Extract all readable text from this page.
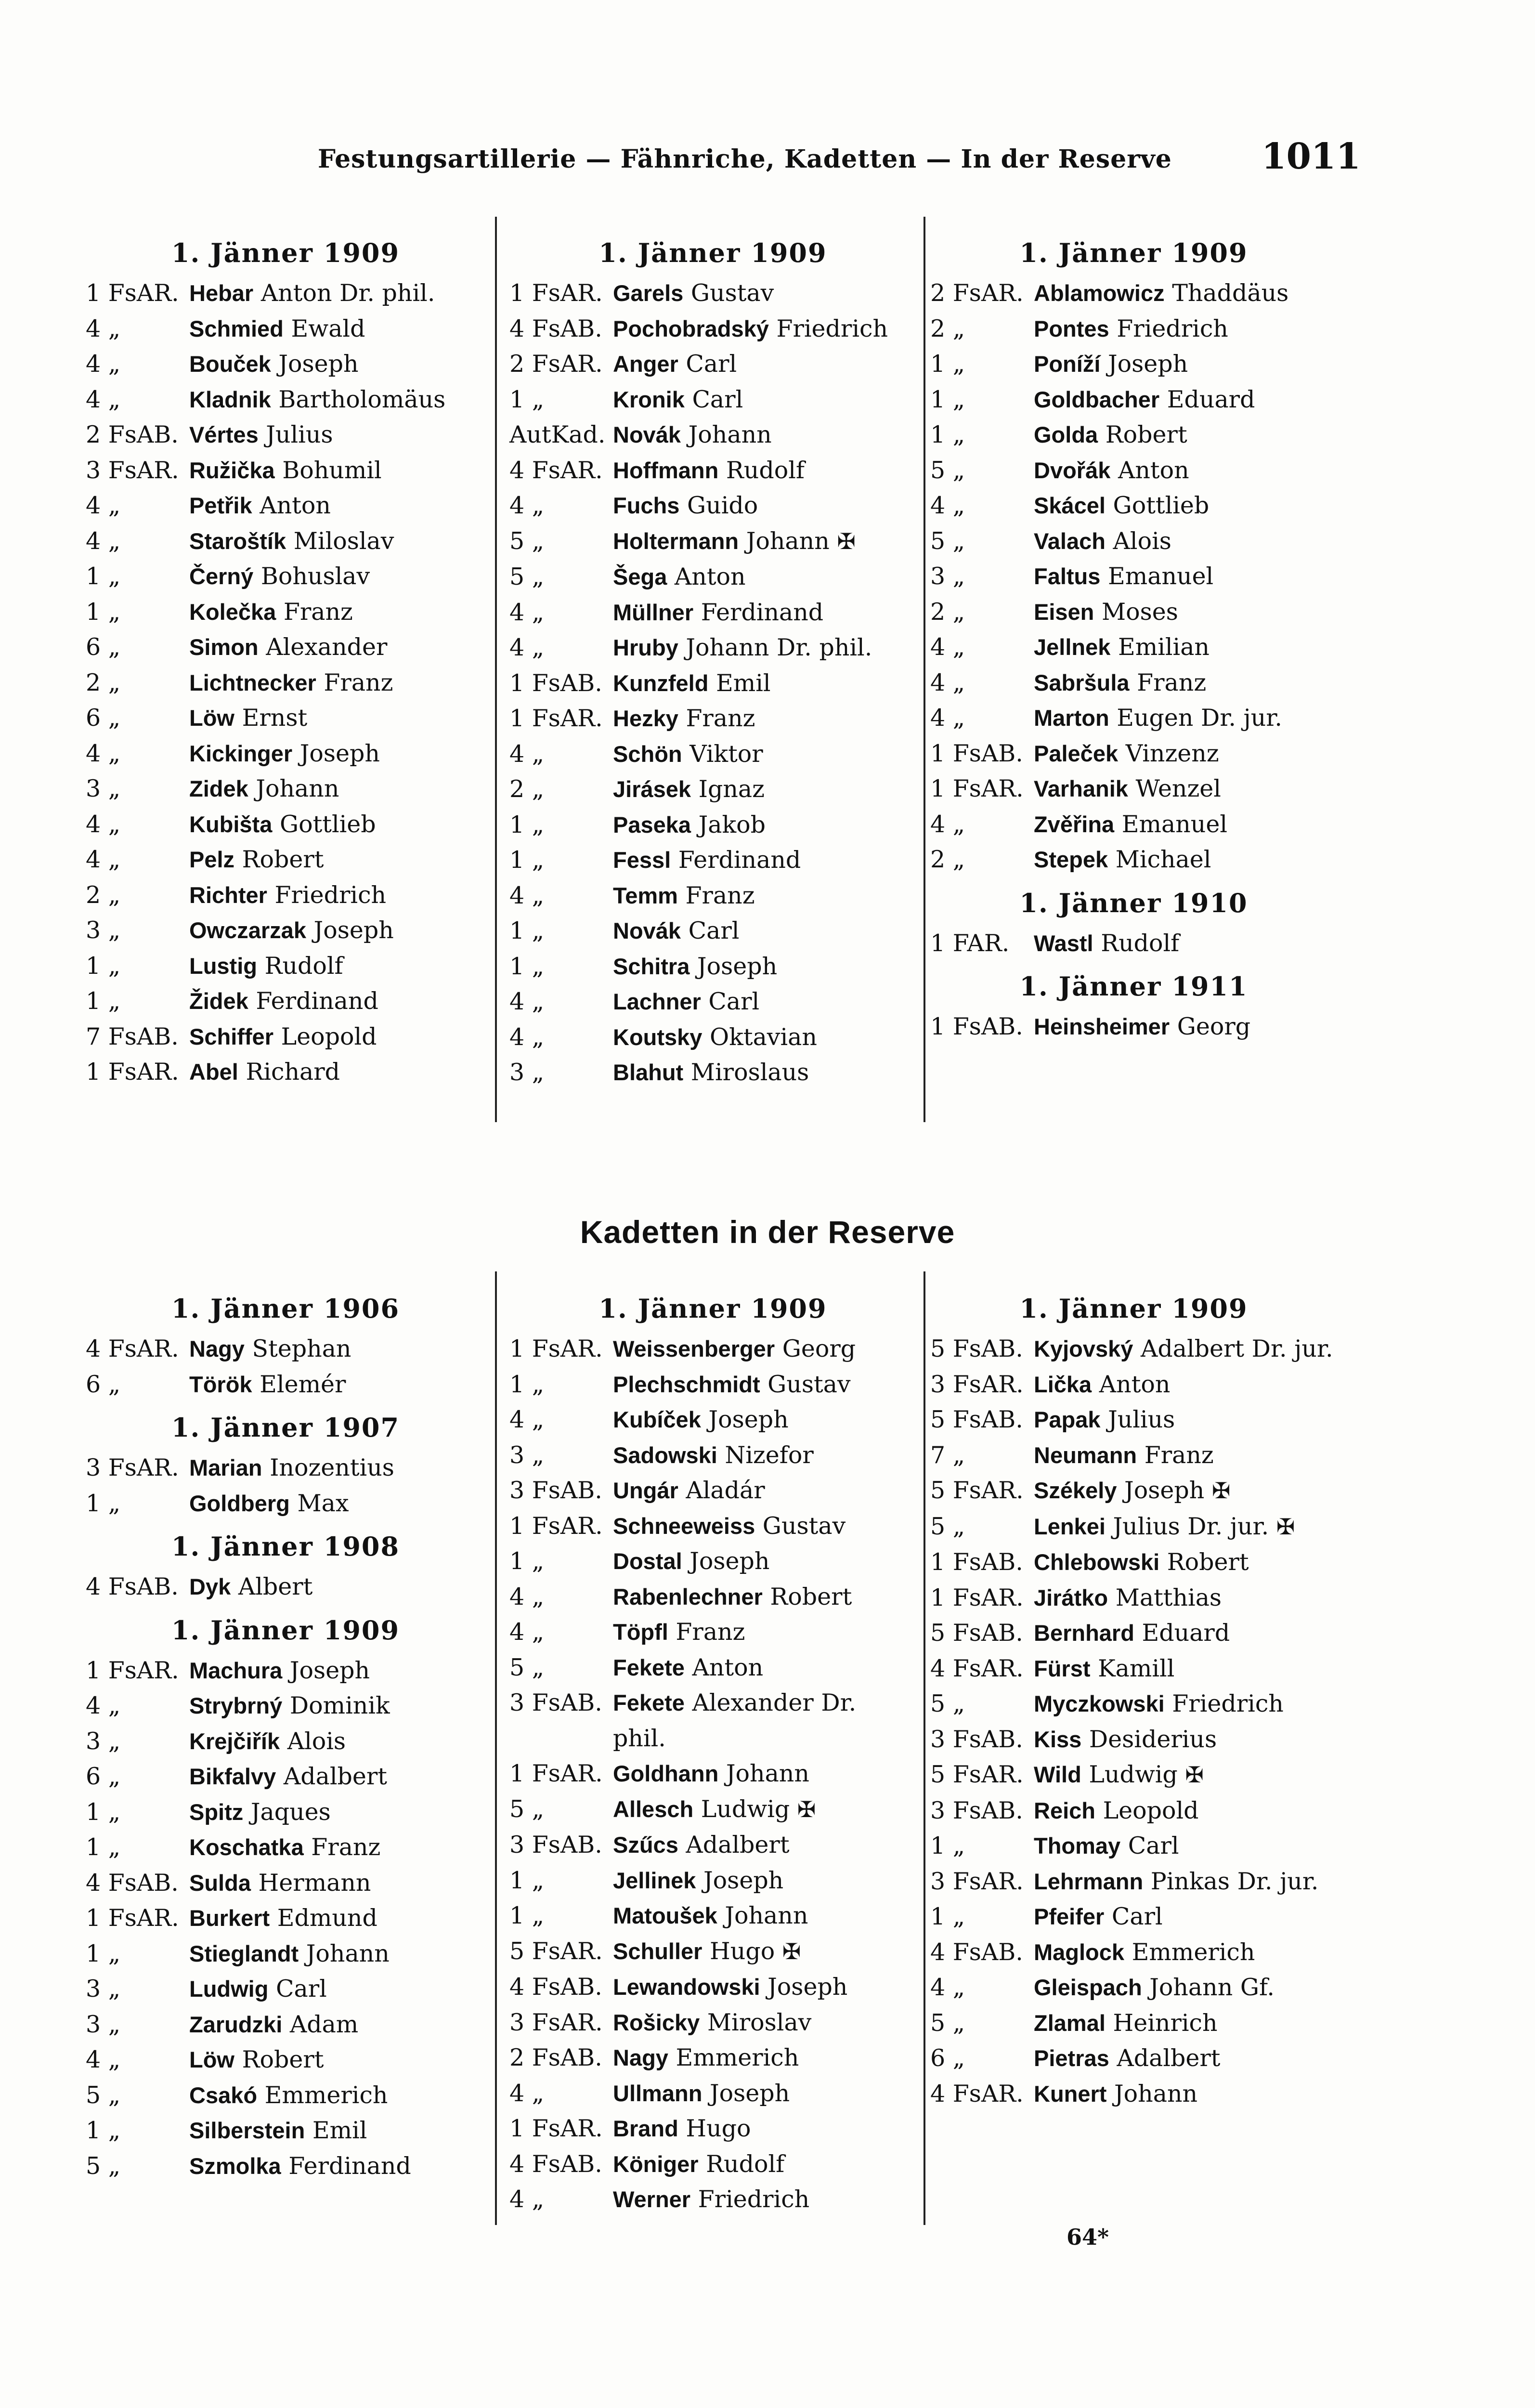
Festungsartillerie — Fähnriche, Kadetten — In der Reserve	1011
1. Jänner 1909
1 FsAR. Hebar Anton Dr. phil.
4 „	Schmied Ewald
4 „	Bouček Joseph
4 „	Kladnik Bartholomäus
2 FsAB. Vértes Julius
3 FsAR. Ružička Bohumil
4 „	Petřik Anton
4 „	Staroštík Miloslav
1 „	Černý Bohuslav
1 „	Kolečka Franz
6 „	Simon Alexander
2 „	Lichtnecker Franz
6 „	Löw Ernst
4 „	Kickinger Joseph
3 „	Zidek Johann
4 „	Kubišta Gottlieb
4 „	Pelz Robert
2 „	Richter Friedrich
3 „	Owczarzak Joseph
1 „	Lustig Rudolf
1 „	Židek Ferdinand
7 FsAB. Schiffer Leopold
1 FsAR. Abel Richard
1. Jänner 1909
1 FsAR. Garels Gustav
4 FsAB. Pochobradský Friedrich
2 FsAR. Anger Carl
1 „	Kronik Carl
AutKad. Novák Johann
4 FsAR. Hoffmann Rudolf
4 „	Fuchs Guido
5 „	Holtermann Johann ✠
5 „	Šega Anton
4 „	Müllner Ferdinand
4 „	Hruby Johann Dr. phil.
1 FsAB. Kunzfeld Emil
1 FsAR. Hezky Franz
4 „	Schön Viktor
2 „	Jirásek Ignaz
1 „	Paseka Jakob
1 „	Fessl Ferdinand
4 „	Temm Franz
1 „	Novák Carl
1 „	Schitra Joseph
4 „	Lachner Carl
4 „	Koutsky Oktavian
3 „	Blahut Miroslaus
1. Jänner 1909
2 FsAR. Ablamowicz Thaddäus
2 „	Pontes Friedrich
1 „	Poníží Joseph
1 „	Goldbacher Eduard
1 „	Golda Robert
5 „	Dvořák Anton
4 „	Skácel Gottlieb
5 „	Valach Alois
3 „	Faltus Emanuel
2 „	Eisen Moses
4 „	Jellnek Emilian
4 „	Sabršula Franz
4 „	Marton Eugen Dr. jur.
1 FsAB. Paleček Vinzenz
1 FsAR. Varhanik Wenzel
4 „	Zvěřina Emanuel
2 „	Stepek Michael
1. Jänner 1910
1 FAR.	Wastl Rudolf
1. Jänner 1911
1 FsAB. Heinsheimer Georg
Kadetten in der Reserve
1. Jänner 1906
4 FsAR. Nagy Stephan
6 „	Török Elemér
1. Jänner 1907
3 FsAR. Marian Inozentius
1 „	Goldberg Max
1. Jänner 1908
4 FsAB. Dyk Albert
1. Jänner 1909
1 FsAR. Machura Joseph
4 „	Strybrný Dominik
3 „	Krejčiřík Alois
6 „	Bikfalvy Adalbert
1 „	Spitz Jaques
1 „	Koschatka Franz
4 FsAB. Sulda Hermann
1 FsAR. Burkert Edmund
1 „	Stieglandt Johann
3 „	Ludwig Carl
3 „	Zarudzki Adam
4 „	Löw Robert
5 „	Csakó Emmerich
1 „	Silberstein Emil
5 „	Szmolka Ferdinand
1. Jänner 1909
1 FsAR. Weissenberger Georg
1 „	Plechschmidt Gustav
4 „	Kubíček Joseph
3 „	Sadowski Nizefor
3 FsAB. Ungár Aladár
1 FsAR. Schneeweiss Gustav
1 „	Dostal Joseph
4 „	Rabenlechner Robert
4 „	Töpfl Franz
5 „	Fekete Anton
3 FsAB. Fekete Alexander Dr. phil.
1 FsAR. Goldhann Johann
5 „	Allesch Ludwig ✠
3 FsAB. Szűcs Adalbert
1 „	Jellinek Joseph
1 „	Matoušek Johann
5 FsAR. Schuller Hugo ✠
4 FsAB. Lewandowski Joseph
3 FsAR. Rošicky Miroslav
2 FsAB. Nagy Emmerich
4 „	Ullmann Joseph
1 FsAR. Brand Hugo
4 FsAB. Königer Rudolf
4 „	Werner Friedrich
1. Jänner 1909
5 FsAB. Kyjovský Adalbert Dr. jur.
3 FsAR. Lička Anton
5 FsAB. Papak Julius
7 „	Neumann Franz
5 FsAR. Székely Joseph ✠
5 „	Lenkei Julius Dr. jur. ✠
1 FsAB. Chlebowski Robert
1 FsAR. Jirátko Matthias
5 FsAB. Bernhard Eduard
4 FsAR. Fürst Kamill
5 „	Myczkowski Friedrich
3 FsAB. Kiss Desiderius
5 FsAR. Wild Ludwig ✠
3 FsAB. Reich Leopold
1 „	Thomay Carl
3 FsAR. Lehrmann Pinkas Dr. jur.
1 „	Pfeifer Carl
4 FsAB. Maglock Emmerich
4 „	Gleispach Johann Gf.
5 „	Zlamal Heinrich
6 „	Pietras Adalbert
4 FsAR. Kunert Johann
64*
